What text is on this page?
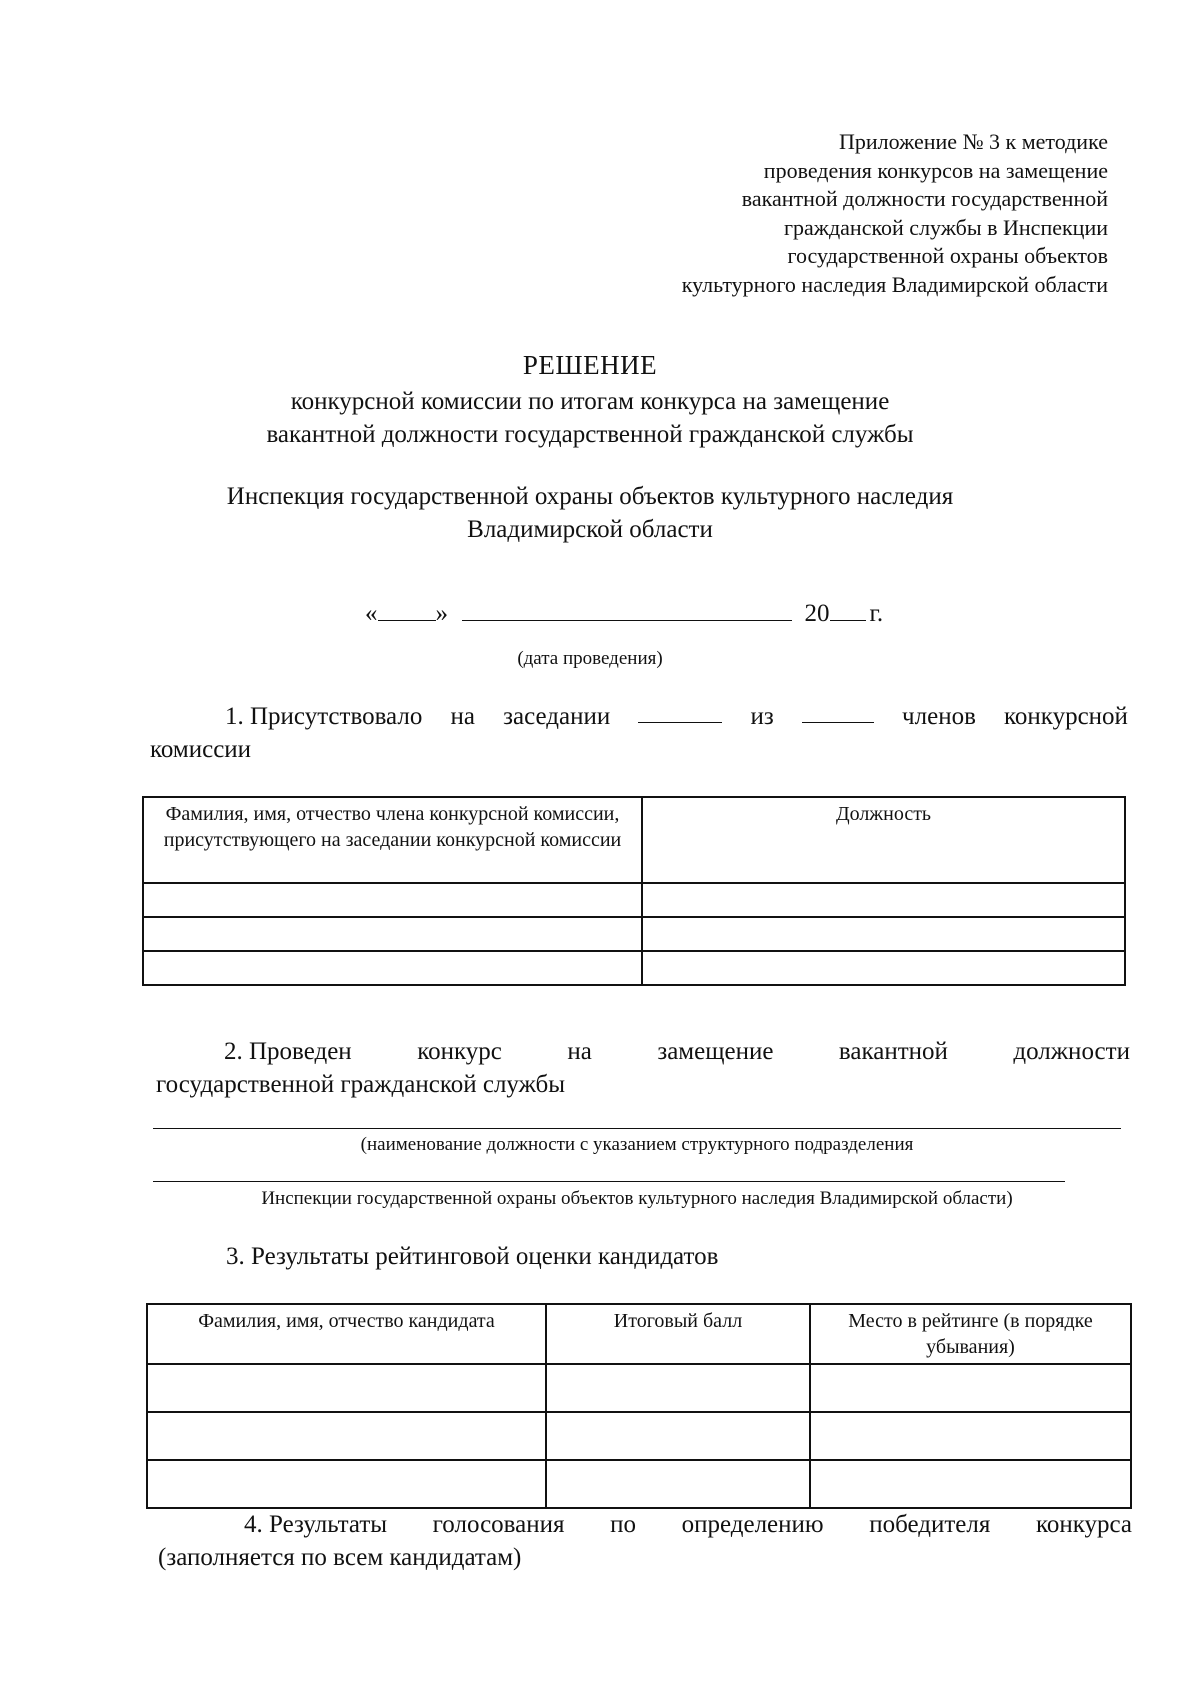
Приложение № 3 к методике
проведения конкурсов на замещение
вакантной должности государственной
гражданской службы в Инспекции
государственной охраны объектов
культурного наследия Владимирской области
РЕШЕНИЕ
конкурсной комиссии по итогам конкурса на замещение
вакантной должности государственной гражданской службы
Инспекция государственной охраны объектов культурного наследия
Владимирской области
« »	20 г.
(дата проведения)
1. Присутствовало на заседании	из	членов конкурсной
комиссии
Фамилия, имя, отчество члена конкурсной комиссии, присутствующего на заседании конкурсной комиссии	Должность

2. Проведен	конкурс	на	замещение	вакантной	должности
государственной гражданской службы
(наименование должности с указанием структурного подразделения
Инспекции государственной охраны объектов культурного наследия Владимирской области)
3. Результаты рейтинговой оценки кандидатов
Фамилия, имя, отчество кандидата	Итоговый балл	Место в рейтинге (в порядке убывания)

4. Результаты голосования по определению победителя конкурса
(заполняется по всем кандидатам)
